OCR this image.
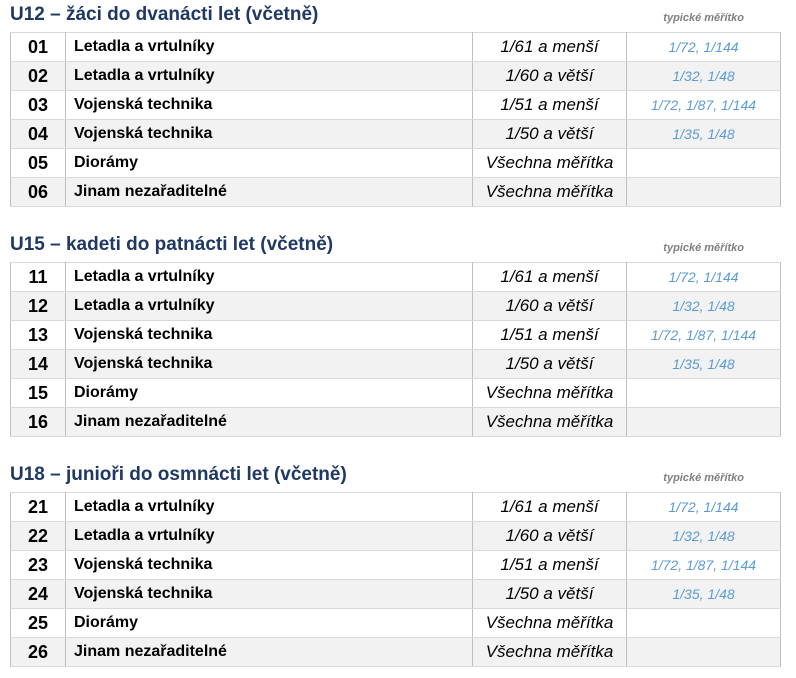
U12 – žáci do dvanácti let (včetně)	typické měřítko
01	Letadla a vrtulníky	1/61 a menší	1/72, 1/144
02	Letadla a vrtulníky	1/60 a větší	1/32, 1/48
03	Vojenská technika	1/51 a menší	1/72, 1/87, 1/144
04	Vojenská technika	1/50 a větší	1/35, 1/48
05	Diorámy	Všechna měřítka	
06	Jinam nezařaditelné	Všechna měřítka	
U15 – kadeti do patnácti let (včetně)	typické měřítko
11	Letadla a vrtulníky	1/61 a menší	1/72, 1/144
12	Letadla a vrtulníky	1/60 a větší	1/32, 1/48
13	Vojenská technika	1/51 a menší	1/72, 1/87, 1/144
14	Vojenská technika	1/50 a větší	1/35, 1/48
15	Diorámy	Všechna měřítka	
16	Jinam nezařaditelné	Všechna měřítka	
U18 – junioři do osmnácti let (včetně)	typické měřítko
21	Letadla a vrtulníky	1/61 a menší	1/72, 1/144
22	Letadla a vrtulníky	1/60 a větší	1/32, 1/48
23	Vojenská technika	1/51 a menší	1/72, 1/87, 1/144
24	Vojenská technika	1/50 a větší	1/35, 1/48
25	Diorámy	Všechna měřítka	
26	Jinam nezařaditelné	Všechna měřítka	
